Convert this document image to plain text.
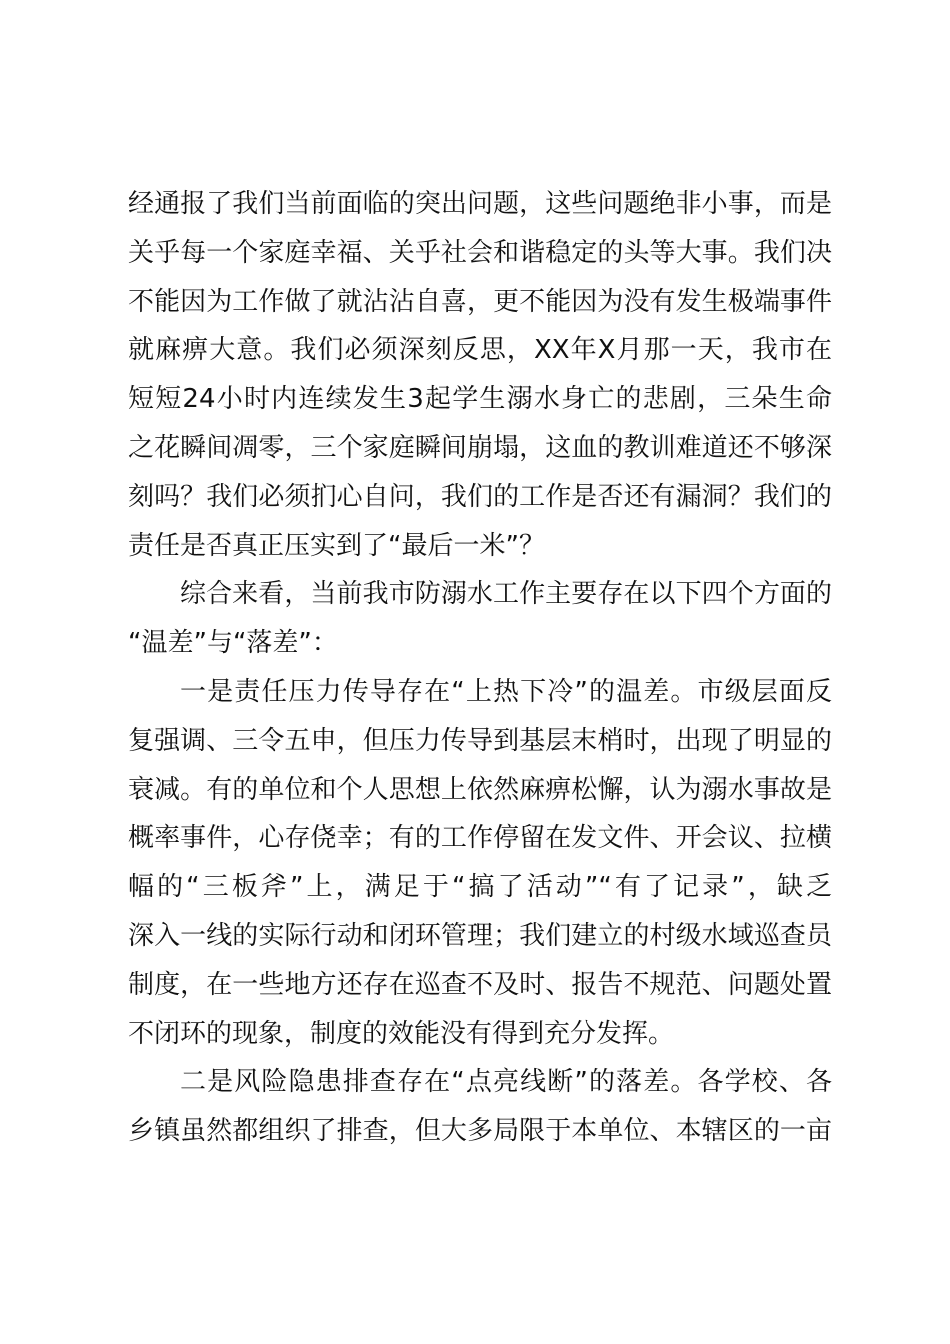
经通报了我们当前面临的突出问题，这些问题绝非小事，而是
关乎每一个家庭幸福、关乎社会和谐稳定的头等大事。我们决
不能因为工作做了就沾沾自喜，更不能因为没有发生极端事件
就麻痹大意。我们必须深刻反思，XX年X月那一天，我市在
短短24小时内连续发生3起学生溺水身亡的悲剧，三朵生命
之花瞬间凋零，三个家庭瞬间崩塌，这血的教训难道还不够深
刻吗？我们必须扪心自问，我们的工作是否还有漏洞？我们的
责任是否真正压实到了“最后一米”？
综合来看，当前我市防溺水工作主要存在以下四个方面的
“温差”与“落差”：
一是责任压力传导存在“上热下冷”的温差。市级层面反
复强调、三令五申，但压力传导到基层末梢时，出现了明显的
衰减。有的单位和个人思想上依然麻痹松懈，认为溺水事故是
概率事件，心存侥幸；有的工作停留在发文件、开会议、拉横
幅的“三板斧”上，满足于“搞了活动”“有了记录”，缺乏
深入一线的实际行动和闭环管理；我们建立的村级水域巡查员
制度，在一些地方还存在巡查不及时、报告不规范、问题处置
不闭环的现象，制度的效能没有得到充分发挥。
二是风险隐患排查存在“点亮线断”的落差。各学校、各
乡镇虽然都组织了排查，但大多局限于本单位、本辖区的一亩
